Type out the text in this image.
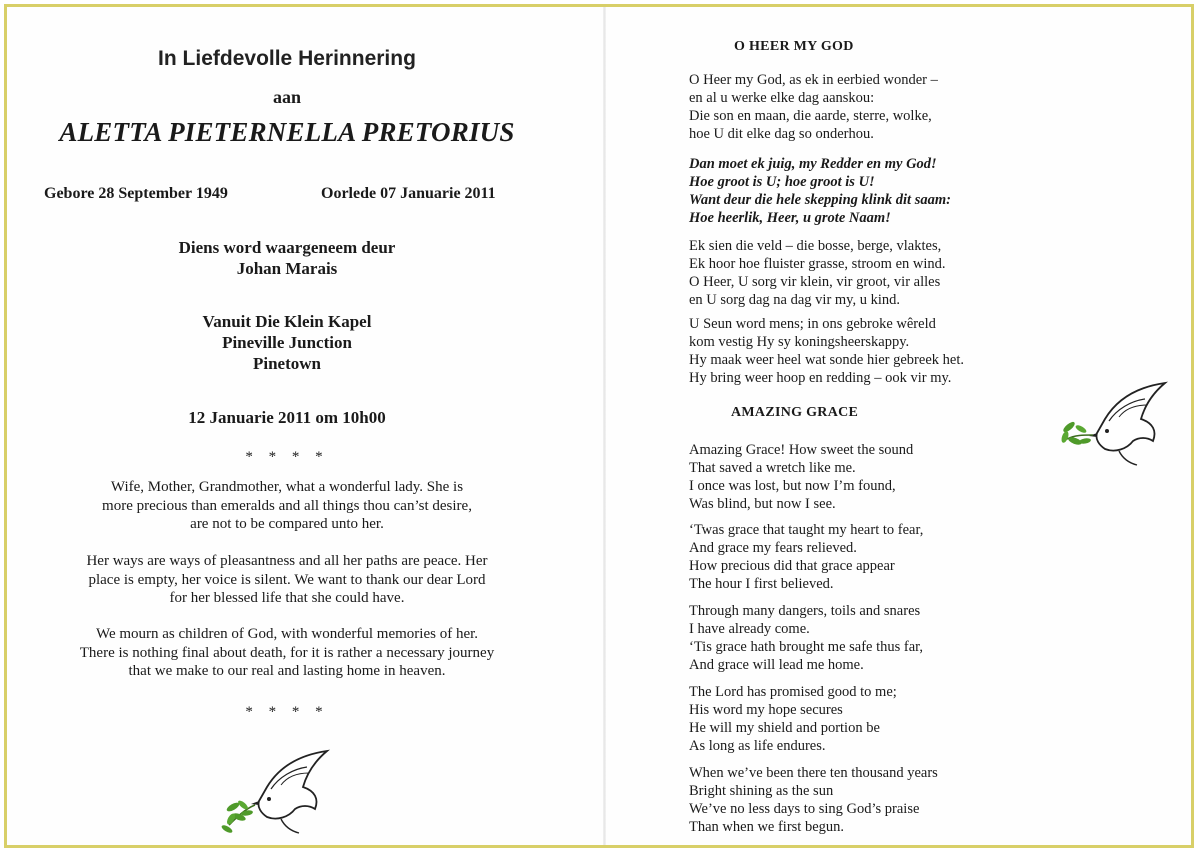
In Liefdevolle Herinnering
aan
ALETTA PIETERNELLA PRETORIUS
Gebore 28 September 1949	Oorlede 07 Januarie 2011
Diens word waargeneem deur
Johan Marais
Vanuit Die Klein Kapel
Pineville Junction
Pinetown
12 Januarie 2011 om 10h00
* * * *
Wife, Mother, Grandmother, what a wonderful lady. She is
more precious than emeralds and all things thou can’st desire,
are not to be compared unto her.
Her ways are ways of pleasantness and all her paths are peace. Her
place is empty, her voice is silent. We want to thank our dear Lord
for her blessed life that she could have.
We mourn as children of God, with wonderful memories of her.
There is nothing final about death, for it is rather a necessary journey
that we make to our real and lasting home in heaven.
* * * *
O HEER MY GOD
O Heer my God, as ek in eerbied wonder –
en al u werke elke dag aanskou:
Die son en maan, die aarde, sterre, wolke,
hoe U dit elke dag so onderhou.
Dan moet ek juig, my Redder en my God!
Hoe groot is U; hoe groot is U!
Want deur die hele skepping klink dit saam:
Hoe heerlik, Heer, u grote Naam!
Ek sien die veld – die bosse, berge, vlaktes,
Ek hoor hoe fluister grasse, stroom en wind.
O Heer, U sorg vir klein, vir groot, vir alles
en U sorg dag na dag vir my, u kind.
U Seun word mens; in ons gebroke wêreld
kom vestig Hy sy koningsheerskappy.
Hy maak weer heel wat sonde hier gebreek het.
Hy bring weer hoop en redding – ook vir my.
AMAZING GRACE
Amazing Grace! How sweet the sound
That saved a wretch like me.
I once was lost, but now I’m found,
Was blind, but now I see.
‘Twas grace that taught my heart to fear,
And grace my fears relieved.
How precious did that grace appear
The hour I first believed.
Through many dangers, toils and snares
I have already come.
‘Tis grace hath brought me safe thus far,
And grace will lead me home.
The Lord has promised good to me;
His word my hope secures
He will my shield and portion be
As long as life endures.
When we’ve been there ten thousand years
Bright shining as the sun
We’ve no less days to sing God’s praise
Than when we first begun.
